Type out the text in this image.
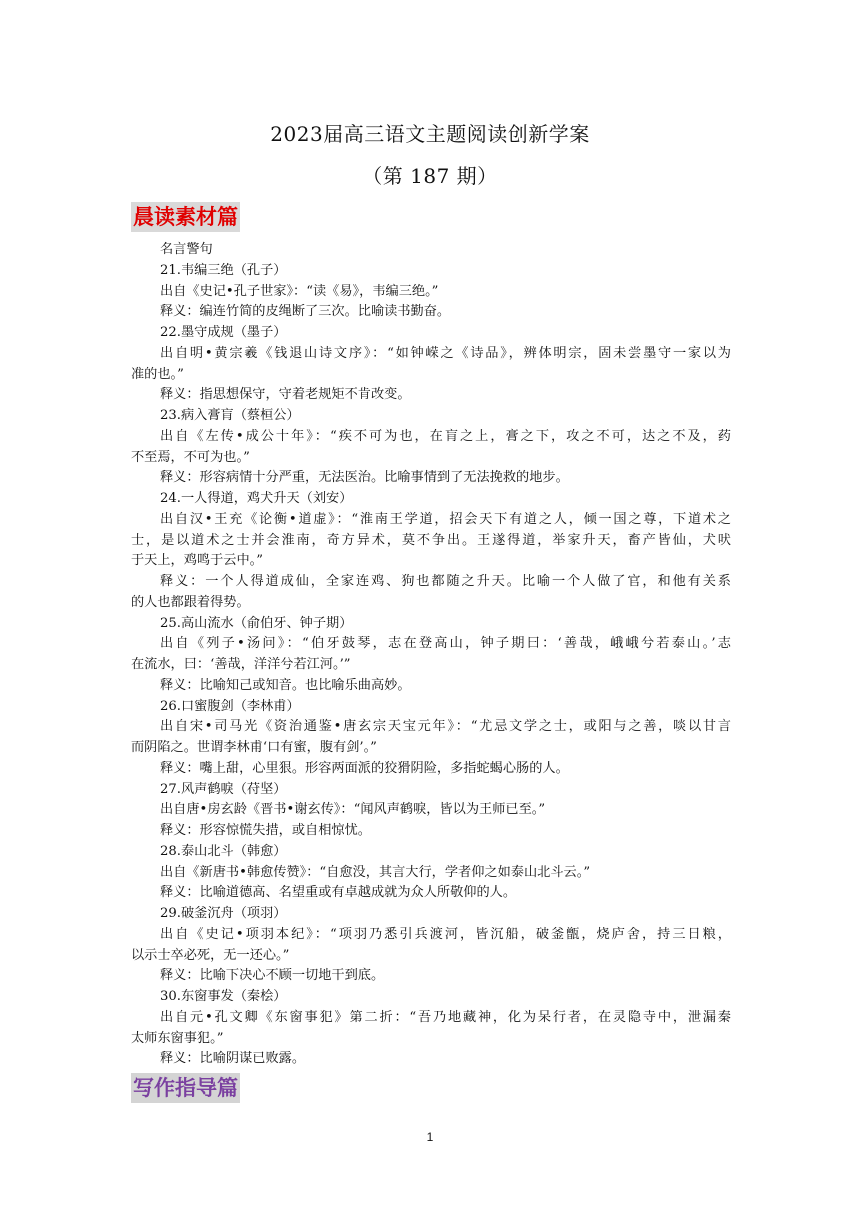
2023届高三语文主题阅读创新学案
（第 187 期）
晨读素材篇
名言警句
21.韦编三绝（孔子）
出自《史记•孔子世家》：“读《易》，韦编三绝。”
释义：编连竹简的皮绳断了三次。比喻读书勤奋。
22.墨守成规（墨子）
出自明•黄宗羲《钱退山诗文序》：“如钟嵘之《诗品》，辨体明宗，固未尝墨守一家以为
准的也。”
释义：指思想保守，守着老规矩不肯改变。
23.病入膏肓（蔡桓公）
出自《左传•成公十年》：“疾不可为也，在肓之上，膏之下，攻之不可，达之不及，药
不至焉，不可为也。”
释义：形容病情十分严重，无法医治。比喻事情到了无法挽救的地步。
24.一人得道，鸡犬升天（刘安）
出自汉•王充《论衡•道虚》：“淮南王学道，招会天下有道之人，倾一国之尊，下道术之
士，是以道术之士并会淮南，奇方异术，莫不争出。王遂得道，举家升天，畜产皆仙，犬吠
于天上，鸡鸣于云中。”
释义：一个人得道成仙，全家连鸡、狗也都随之升天。比喻一个人做了官，和他有关系
的人也都跟着得势。
25.高山流水（俞伯牙、钟子期）
出自《列子•汤问》：“伯牙鼓琴，志在登高山，钟子期曰：‘善哉，峨峨兮若泰山。’志
在流水，曰：‘善哉，洋洋兮若江河。’”
释义：比喻知己或知音。也比喻乐曲高妙。
26.口蜜腹剑（李林甫）
出自宋•司马光《资治通鉴•唐玄宗天宝元年》：“尤忌文学之士，或阳与之善，啖以甘言
而阴陷之。世谓李林甫‘口有蜜，腹有剑’。”
释义：嘴上甜，心里狠。形容两面派的狡猾阴险，多指蛇蝎心肠的人。
27.风声鹤唳（苻坚）
出自唐•房玄龄《晋书•谢玄传》：“闻风声鹤唳，皆以为王师已至。”
释义：形容惊慌失措，或自相惊忧。
28.泰山北斗（韩愈）
出自《新唐书•韩愈传赞》：“自愈没，其言大行，学者仰之如泰山北斗云。”
释义：比喻道德高、名望重或有卓越成就为众人所敬仰的人。
29.破釜沉舟（项羽）
出自《史记•项羽本纪》：“项羽乃悉引兵渡河，皆沉船，破釜甑，烧庐舍，持三日粮，
以示士卒必死，无一还心。”
释义：比喻下决心不顾一切地干到底。
30.东窗事发（秦桧）
出自元•孔文卿《东窗事犯》第二折：“吾乃地藏神，化为呆行者，在灵隐寺中，泄漏秦
太师东窗事犯。”
释义：比喻阴谋已败露。
写作指导篇
1
